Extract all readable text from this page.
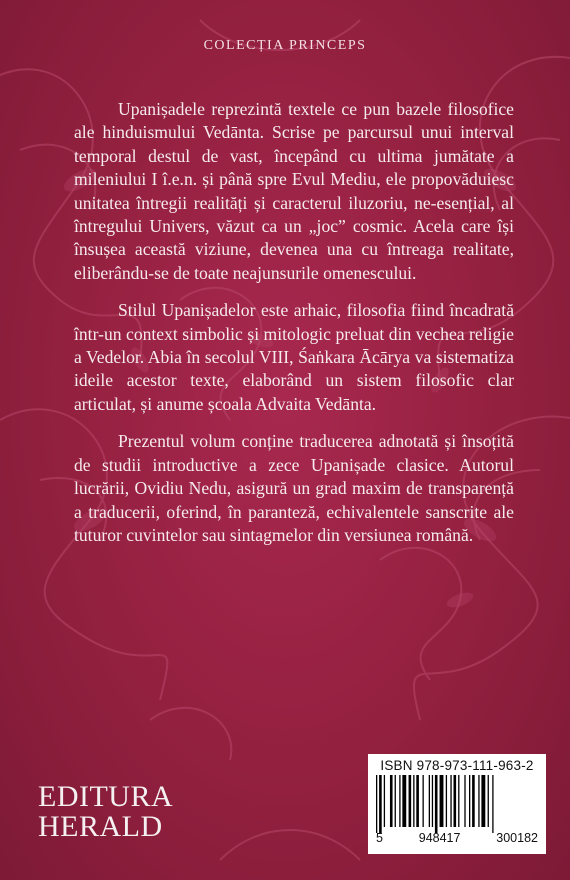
COLECȚIA PRINCEPS

Upanișadele reprezintă textele ce pun bazele filosofice ale hinduismului Vedānta. Scrise pe parcursul unui interval temporal destul de vast, începând cu ultima jumătate a mileniului I î.e.n. și până spre Evul Mediu, ele propovăduiesc unitatea întregii realități și caracterul iluzoriu, ne-esențial, al întregului Univers, văzut ca un „joc” cosmic. Acela care își însușea această viziune, devenea una cu întreaga realitate, eliberându-se de toate neajunsurile omenescului.

Stilul Upanișadelor este arhaic, filosofia fiind încadrată într-un context simbolic și mitologic preluat din vechea religie a Vedelor. Abia în secolul VIII, Śaṅkara Ācārya va sistematiza ideile acestor texte, elaborând un sistem filosofic clar articulat, și anume școala Advaita Vedānta.

Prezentul volum conține traducerea adnotată și însoțită de studii introductive a zece Upanișade clasice. Autorul lucrării, Ovidiu Nedu, asigură un grad maxim de transparență a traducerii, oferind, în paranteză, echivalentele sanscrite ale tuturor cuvintelor sau sintagmelor din versiunea română.

EDITURA
HERALD
ISBN 978-973-111-963-2
5	948417	300182
